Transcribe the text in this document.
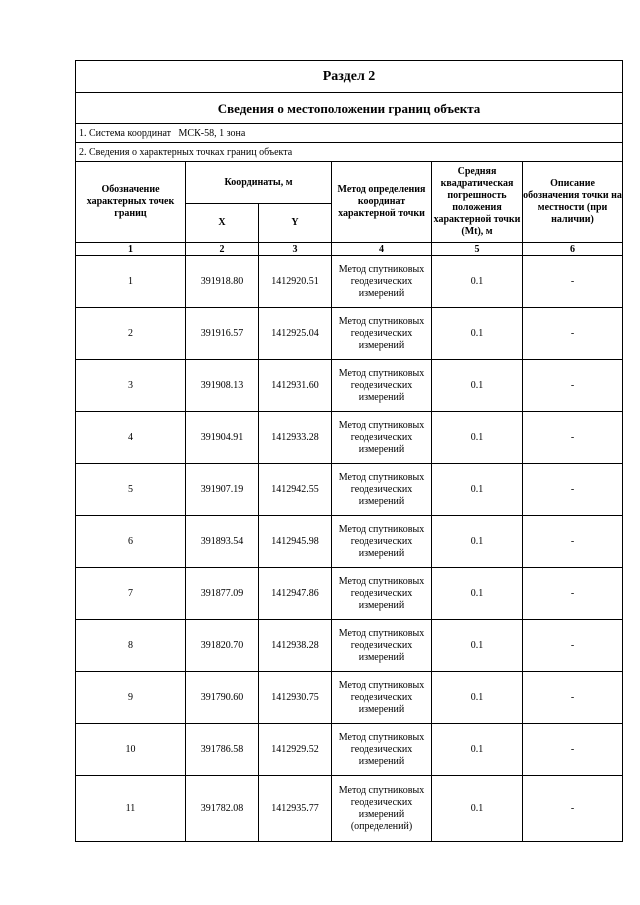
Раздел 2					
Сведения о местоположении границ объекта					
1. Система координат   МСК-58, 1 зона					
2. Сведения о характерных точках границ объекта					
Обозначение характерных точек границ	Координаты, м		Метод определения координат характерной точки	Средняя квадратическая погрешность положения характерной точки (Mt), м	Описание обозначения точки на местности (при наличии)
	X	Y			
1	2	3	4	5	6
1	391918.80	1412920.51	Метод спутниковых геодезических измерений	0.1	-
2	391916.57	1412925.04	Метод спутниковых геодезических измерений	0.1	-
3	391908.13	1412931.60	Метод спутниковых геодезических измерений	0.1	-
4	391904.91	1412933.28	Метод спутниковых геодезических измерений	0.1	-
5	391907.19	1412942.55	Метод спутниковых геодезических измерений	0.1	-
6	391893.54	1412945.98	Метод спутниковых геодезических измерений	0.1	-
7	391877.09	1412947.86	Метод спутниковых геодезических измерений	0.1	-
8	391820.70	1412938.28	Метод спутниковых геодезических измерений	0.1	-
9	391790.60	1412930.75	Метод спутниковых геодезических измерений	0.1	-
10	391786.58	1412929.52	Метод спутниковых геодезических измерений	0.1	-
11	391782.08	1412935.77	Метод спутниковых геодезических измерений (определений)	0.1	-
